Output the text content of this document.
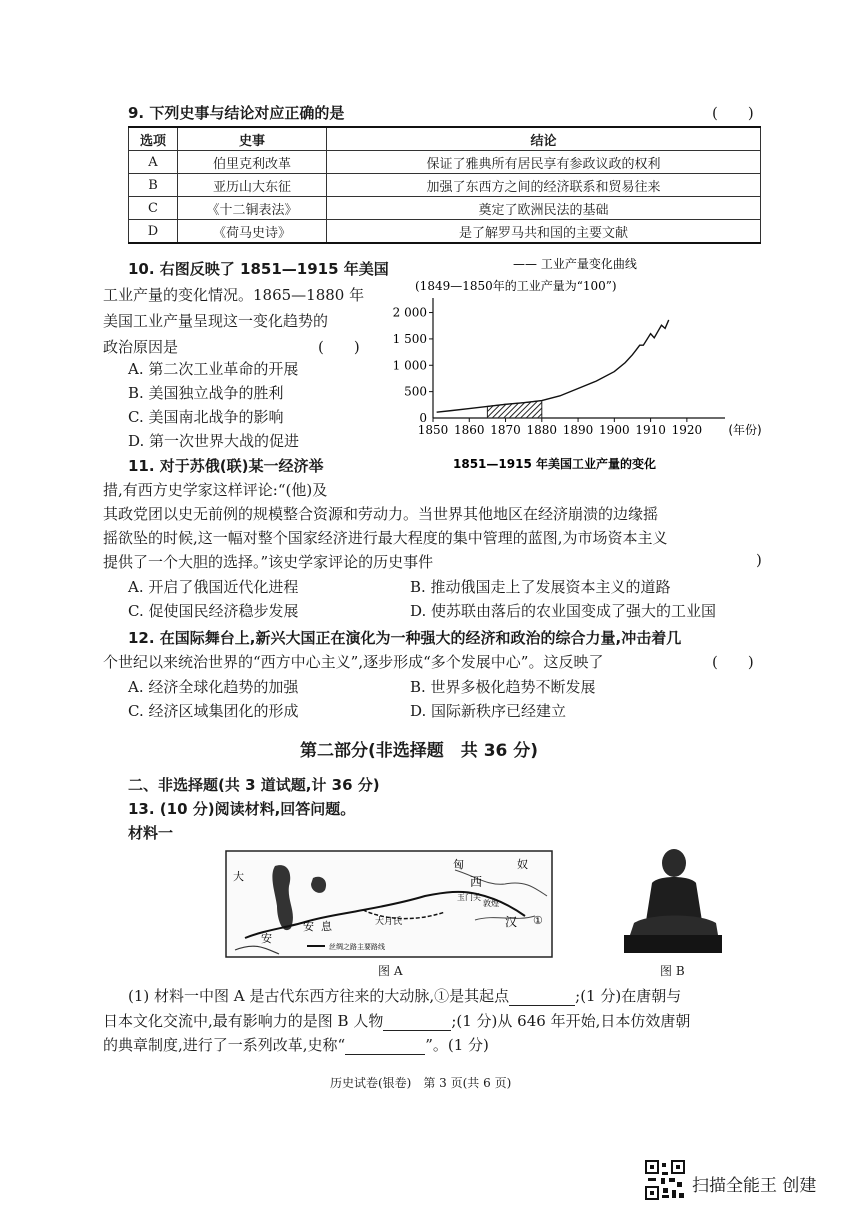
9. 下列史事与结论对应正确的是	(　　)
选项	史事	结论
A	伯里克利改革	保证了雅典所有居民享有参政议政的权利
B	亚历山大东征	加强了东西方之间的经济联系和贸易往来
C	《十二铜表法》	奠定了欧洲民法的基础
D	《荷马史诗》	是了解罗马共和国的主要文献
10. 右图反映了 1851—1915 年美国
工业产量的变化情况。1865—1880 年
美国工业产量呈现这一变化趋势的
政治原因是	(　　)
A. 第二次工业革命的开展
B. 美国独立战争的胜利
C. 美国南北战争的影响
D. 第一次世界大战的促进
—— 工业产量变化曲线
(1849—1850年的工业产量为“100”)
1850 1860 1870 1880 1890 1900 1910 1920 (年份)
500
1 000
1 500
2 000
0
1851—1915 年美国工业产量的变化
11. 对于苏俄(联)某一经济举
措,有西方史学家这样评论:“(他)及
其政党团以史无前例的规模整合资源和劳动力。当世界其他地区在经济崩溃的边缘摇
摇欲坠的时候,这一幅对整个国家经济进行最大程度的集中管理的蓝图,为市场资本主义
提供了一个大胆的选择。”该史学家评论的历史事件	)
A. 开启了俄国近代化进程	B. 推动俄国走上了发展资本主义的道路
C. 促使国民经济稳步发展	D. 使苏联由落后的农业国变成了强大的工业国
12. 在国际舞台上,新兴大国正在演化为一种强大的经济和政治的综合力量,冲击着几
个世纪以来统治世界的“西方中心主义”,逐步形成“多个发展中心”。这反映了	(　　)
A. 经济全球化趋势的加强	B. 世界多极化趋势不断发展
C. 经济区域集团化的形成	D. 国际新秩序已经建立
第二部分(非选择题　共 36 分)
二、非选择题(共 3 道试题,计 36 分)
13. (10 分)阅读材料,回答问题。
材料一
匈	奴
西
大
安 息	大月氏	汉 ①
安
玉门关
敦煌
丝绸之路主要路线
图 A	图 B
(1) 材料一中图 A 是古代东西方往来的大动脉,①是其起点	;(1 分)在唐朝与
日本文化交流中,最有影响力的是图 B 人物	;(1 分)从 646 年开始,日本仿效唐朝
的典章制度,进行了一系列改革,史称“	”。(1 分)
历史试卷(银卷)　第 3 页(共 6 页)
扫描全能王 创建
